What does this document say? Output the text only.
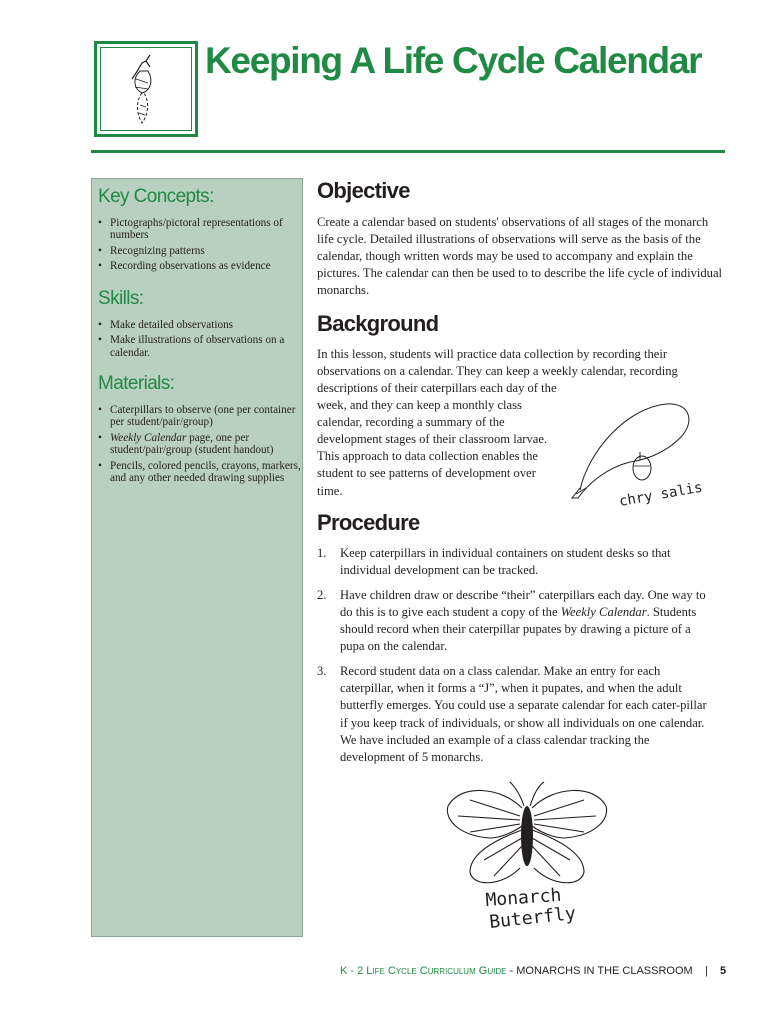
Keeping A Life Cycle Calendar
Key Concepts:
• Pictographs/pictoral representations of numbers
• Recognizing patterns
• Recording observations as evidence
Skills:
• Make detailed observations
• Make illustrations of observations on a calendar.
Materials:
• Caterpillars to observe (one per container per student/pair/group)
• Weekly Calendar page, one per student/pair/group (student handout)
• Pencils, colored pencils, crayons, markers, and any other needed drawing supplies
Objective

Create a calendar based on students' observations of all stages of the monarch life cycle. Detailed illustrations of observations will serve as the basis of the calendar, though written words may be used to accompany and explain the pictures. The calendar can then be used to to describe the life cycle of individual monarchs.

Background

In this lesson, students will practice data collection by recording their observations on a calendar. They can keep a weekly calendar, recording

descriptions of their caterpillars each day of the week, and they can keep a monthly class calendar, recording a summary of the development stages of their classroom larvae. This approach to data collection enables the student to see patterns of development over time.	chry salis
Procedure
1. Keep caterpillars in individual containers on student desks so that individual development can be tracked.
2. Have children draw or describe “their” caterpillars each day. One way to do this is to give each student a copy of the Weekly Calendar. Students should record when their caterpillar pupates by drawing a picture of a pupa on the calendar.
3. Record student data on a class calendar. Make an entry for each caterpillar, when it forms a “J”, when it pupates, and when the adult butterfly emerges. You could use a separate calendar for each cater-pillar if you keep track of individuals, or show all individuals on one calendar. We have included an example of a class calendar tracking the development of 5 monarchs.
Monarch
Buterfly
K - 2 Life Cycle Curriculum Guide - MONARCHS IN THE CLASSROOM | 5
